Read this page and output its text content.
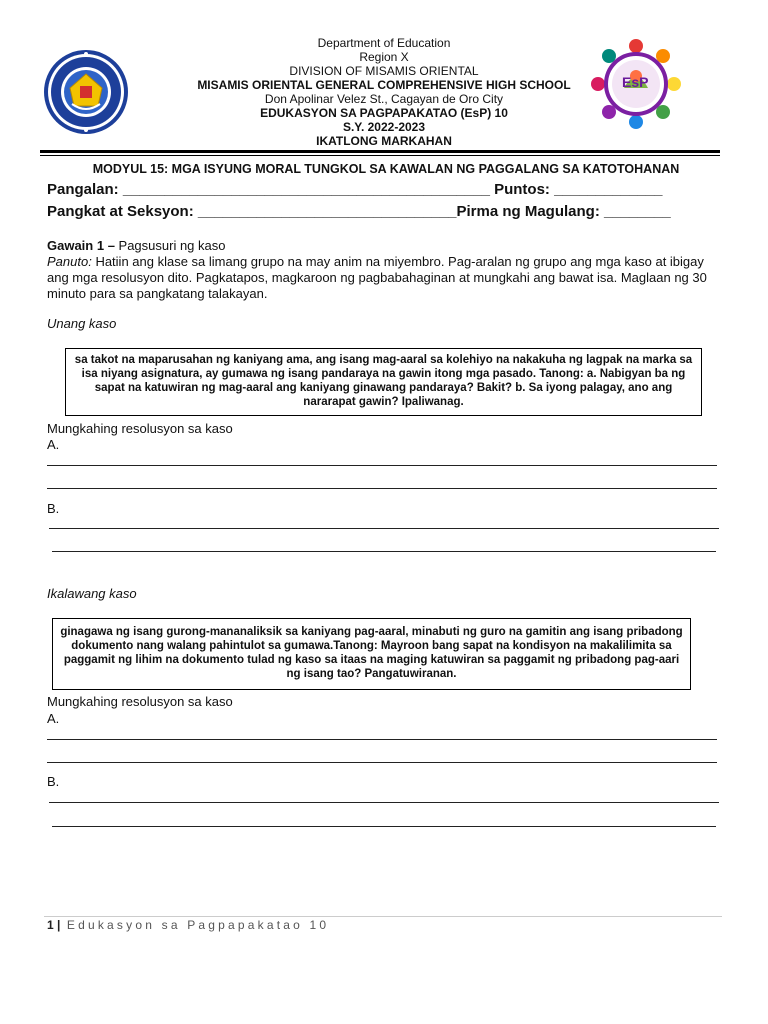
Department of Education
Region X
DIVISION OF MISAMIS ORIENTAL
MISAMIS ORIENTAL GENERAL COMPREHENSIVE HIGH SCHOOL
Don Apolinar Velez St., Cagayan de Oro City
EDUKASYON SA PAGPAPAKATAO (EsP) 10
S.Y. 2022-2023
IKATLONG MARKAHAN
EsP
MODYUL 15: MGA ISYUNG MORAL TUNGKOL SA KAWALAN NG PAGGALANG SA KATOTOHANAN
Pangalan: ____________________________________________ Puntos: _____________
Pangkat at Seksyon: _______________________________Pirma ng Magulang: ________
Gawain 1 – Pagsusuri ng kaso
Panuto: Hatiin ang klase sa limang grupo na may anim na miyembro. Pag-aralan ng grupo ang mga kaso at ibigay ang mga resolusyon dito. Pagkatapos, magkaroon ng pagbabahaginan at mungkahi ang bawat isa. Maglaan ng 30 minuto para sa pangkatang talakayan.
Unang kaso
sa takot na maparusahan ng kaniyang ama, ang isang mag-aaral sa kolehiyo na nakakuha ng lagpak na marka sa isa niyang asignatura, ay gumawa ng isang pandaraya na gawin itong mga pasado. Tanong: a. Nabigyan ba ng sapat na katuwiran ng mag-aaral ang kaniyang ginawang pandaraya? Bakit? b. Sa iyong palagay, ano ang nararapat gawin? Ipaliwanag.
Mungkahing resolusyon sa kaso
A.
B.
Ikalawang kaso
ginagawa ng isang gurong-mananaliksik sa kaniyang pag-aaral, minabuti ng guro na gamitin ang isang pribadong dokumento nang walang pahintulot sa gumawa.Tanong: Mayroon bang sapat na kondisyon na makalilimita sa paggamit ng lihim na dokumento tulad ng kaso sa itaas na maging katuwiran sa paggamit ng pribadong pag-aari ng isang tao? Pangatuwiranan.
Mungkahing resolusyon sa kaso
A.
B.
1 | Edukasyon sa Pagpapakatao 10
